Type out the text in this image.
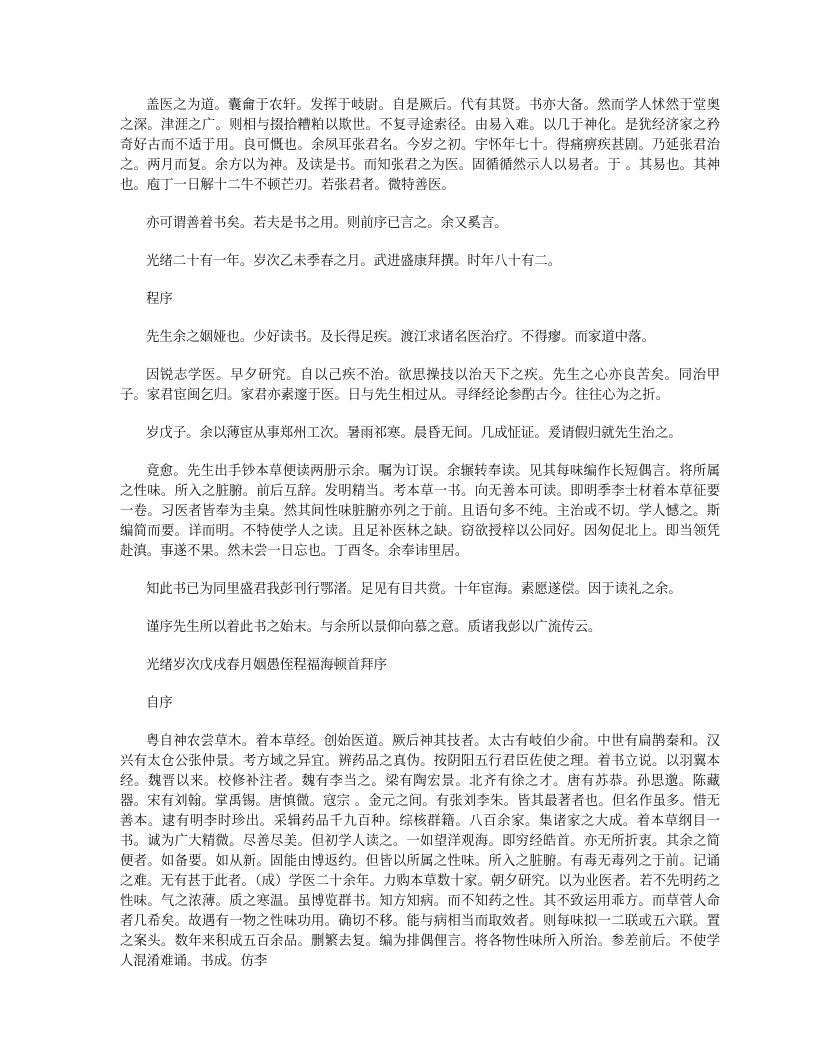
盖医之为道。囊龠于农轩。发挥于岐尉。自是厥后。代有其贤。书亦大备。然而学人怵然于堂奥之深。津涯之广。则相与掇拾糟粕以欺世。不复寻途索径。由易入难。以几于神化。是犹经济家之矜奇好古而不适于用。良可慨也。余夙耳张君名。今岁之初。宇怀年七十。得痛痹疾甚剧。乃延张君治之。两月而复。余方以为神。及读是书。而知张君之为医。固循循然示人以易者。于 。其易也。其神也。庖丁一日解十二牛不顿芒刃。若张君者。微特善医。

亦可谓善着书矣。若夫是书之用。则前序已言之。余又奚言。

光绪二十有一年。岁次乙未季春之月。武进盛康拜撰。时年八十有二。

程序

先生余之姻娅也。少好读书。及长得足疾。渡江求诸名医治疗。不得瘳。而家道中落。

因锐志学医。早夕研究。自以己疾不治。欲思操技以治天下之疾。先生之心亦良苦矣。同治甲子。家君宦闽乞归。家君亦素邃于医。日与先生相过从。寻绎经论参酌古今。往往心为之折。

岁戊子。余以薄宦从事郑州工次。暑雨祁寒。晨昏无间。几成怔证。爰请假归就先生治之。

竟愈。先生出手钞本草便读两册示余。嘱为订误。余辗转奉读。见其每味编作长短偶言。将所属之性味。所入之脏腑。前后互辞。发明精当。考本草一书。向无善本可读。即明季李士材着本草征要一卷。习医者皆奉为圭臬。然其间性味脏腑亦列之于前。且语句多不纯。主治或不切。学人憾之。斯编简而要。详而明。不特使学人之读。且足补医林之缺。窃欲授梓以公同好。因匆促北上。即当领凭赴滇。事遂不果。然未尝一日忘也。丁酉冬。余奉讳里居。

知此书已为同里盛君我彭刊行鄂渚。足见有目共赏。十年宦海。素愿遂偿。因于读礼之余。

谨序先生所以着此书之始末。与余所以景仰向慕之意。质诸我彭以广流传云。

光绪岁次戊戌春月姻愚侄程福海顿首拜序

自序

粤自神农尝草木。着本草经。创始医道。厥后神其技者。太古有岐伯少俞。中世有扁鹊秦和。汉兴有太仓公张仲景。考方域之异宜。辨药品之真伪。按阴阳五行君臣佐使之理。着书立说。以羽翼本经。魏晋以来。校修补注者。魏有李当之。梁有陶宏景。北齐有徐之才。唐有苏恭。孙思邈。陈藏器。宋有刘翰。掌禹锡。唐慎微。寇宗 。金元之间。有张刘李朱。皆其最著者也。但名作虽多。惜无善本。逮有明李时珍出。采辑药品千九百种。综核群籍。八百余家。集诸家之大成。着本草纲目一书。诚为广大精微。尽善尽美。但初学人读之。一如望洋观海。即穷经皓首。亦无所折衷。其余之简便者。如备要。如从新。固能由博返约。但皆以所属之性味。所入之脏腑。有毒无毒列之于前。记诵之难。无有甚于此者。（成）学医二十余年。力购本草数十家。朝夕研究。以为业医者。若不先明药之性味。气之浓薄。质之寒温。虽博览群书。知方知病。而不知药之性。其不致运用乖方。而草菅人命者几希矣。故遇有一物之性味功用。确切不移。能与病相当而取效者。则每味拟一二联或五六联。置之案头。数年来积成五百余品。删繁去复。编为排偶俚言。将各物性味所入所治。参差前后。不使学人混淆难诵。书成。仿李
